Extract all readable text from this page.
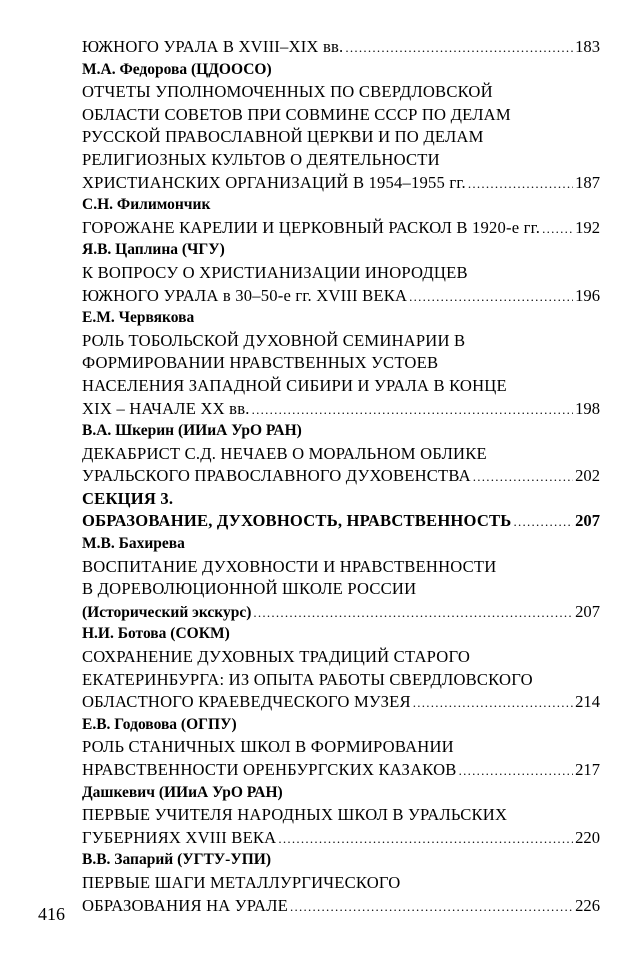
ЮЖНОГО УРАЛА В XVIII–XIX вв. . . .	183
М.А. Федорова (ЦДООСО)
ОТЧЕТЫ УПОЛНОМОЧЕННЫХ ПО СВЕРДЛОВСКОЙ
ОБЛАСТИ СОВЕТОВ ПРИ СОВМИНЕ СССР ПО ДЕЛАМ
РУССКОЙ ПРАВОСЛАВНОЙ ЦЕРКВИ И ПО ДЕЛАМ
РЕЛИГИОЗНЫХ КУЛЬТОВ О ДЕЯТЕЛЬНОСТИ
ХРИСТИАНСКИХ ОРГАНИЗАЦИЙ В 1954–1955 гг. . . .	187
С.Н. Филимончик
ГОРОЖАНЕ КАРЕЛИИ И ЦЕРКОВНЫЙ РАСКОЛ В 1920-е гг. . . . 192
Я.В. Цаплина (ЧГУ)
К ВОПРОСУ О ХРИСТИАНИЗАЦИИ ИНОРОДЦЕВ
ЮЖНОГО УРАЛА в 30–50-е гг. XVIII ВЕКА . . .	196
Е.М. Червякова
РОЛЬ ТОБОЛЬСКОЙ ДУХОВНОЙ СЕМИНАРИИ В
ФОРМИРОВАНИИ НРАВСТВЕННЫХ УСТОЕВ
НАСЕЛЕНИЯ ЗАПАДНОЙ СИБИРИ И УРАЛА В КОНЦЕ
XIX – НАЧАЛЕ XX вв. . . .	198
В.А. Шкерин (ИИиА УрО РАН)
ДЕКАБРИСТ С.Д. НЕЧАЕВ О МОРАЛЬНОМ ОБЛИКЕ
УРАЛЬСКОГО ПРАВОСЛАВНОГО ДУХОВЕНСТВА . . .	202
СЕКЦИЯ 3.
ОБРАЗОВАНИЕ, ДУХОВНОСТЬ, НРАВСТВЕННОСТЬ . . .	207
М.В. Бахирева
ВОСПИТАНИЕ ДУХОВНОСТИ И НРАВСТВЕННОСТИ
В ДОРЕВОЛЮЦИОННОЙ ШКОЛЕ РОССИИ
(Исторический экскурс) . . .	207
Н.И. Ботова (СОКМ)
СОХРАНЕНИЕ ДУХОВНЫХ ТРАДИЦИЙ СТАРОГО
ЕКАТЕРИНБУРГА: ИЗ ОПЫТА РАБОТЫ СВЕРДЛОВСКОГО
ОБЛАСТНОГО КРАЕВЕДЧЕСКОГО МУЗЕЯ . . .	214
Е.В. Годовова (ОГПУ)
РОЛЬ СТАНИЧНЫХ ШКОЛ В ФОРМИРОВАНИИ
НРАВСТВЕННОСТИ ОРЕНБУРГСКИХ КАЗАКОВ . . .	217
Дашкевич (ИИиА УрО РАН)
ПЕРВЫЕ УЧИТЕЛЯ НАРОДНЫХ ШКОЛ В УРАЛЬСКИХ
ГУБЕРНИЯХ XVIII ВЕКА . . .	220
В.В. Запарий (УГТУ-УПИ)
ПЕРВЫЕ ШАГИ МЕТАЛЛУРГИЧЕСКОГО
ОБРАЗОВАНИЯ НА УРАЛЕ . . .	226
416
